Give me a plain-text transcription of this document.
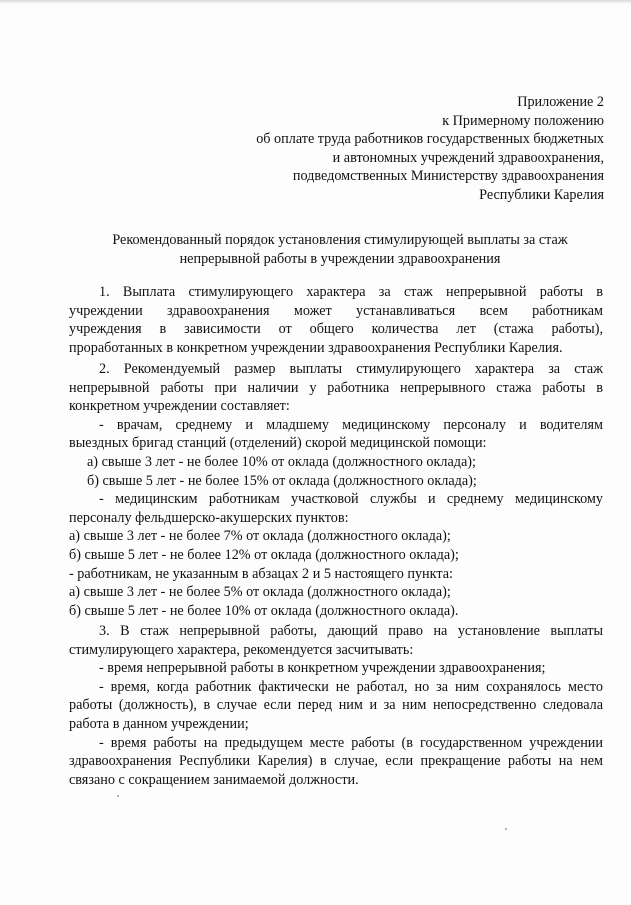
Приложение 2
к Примерному положению
об оплате труда работников государственных бюджетных
и автономных учреждений здравоохранения,
подведомственных Министерству здравоохранения
Республики Карелия
Рекомендованный порядок установления стимулирующей выплаты за стаж
непрерывной работы в учреждении здравоохранения
1. Выплата стимулирующего характера за стаж непрерывной работы в
учреждении здравоохранения может устанавливаться всем работникам
учреждения в зависимости от общего количества лет (стажа работы),
проработанных в конкретном учреждении здравоохранения Республики Карелия.
2. Рекомендуемый размер выплаты стимулирующего характера за стаж
непрерывной работы при наличии у работника непрерывного стажа работы в
конкретном учреждении составляет:
- врачам, среднему и младшему медицинскому персоналу и водителям
выездных бригад станций (отделений) скорой медицинской помощи:
а) свыше 3 лет - не более 10% от оклада (должностного оклада);
б) свыше 5 лет - не более 15% от оклада (должностного оклада);
- медицинским работникам участковой службы и среднему медицинскому
персоналу фельдшерско-акушерских пунктов:
а) свыше 3 лет - не более 7% от оклада (должностного оклада);
б) свыше 5 лет - не более 12% от оклада (должностного оклада);
- работникам, не указанным в абзацах 2 и 5 настоящего пункта:
а) свыше 3 лет - не более 5% от оклада (должностного оклада);
б) свыше 5 лет - не более 10% от оклада (должностного оклада).
3. В стаж непрерывной работы, дающий право на установление выплаты
стимулирующего характера, рекомендуется засчитывать:
- время непрерывной работы в конкретном учреждении здравоохранения;
- время, когда работник фактически не работал, но за ним сохранялось место
работы (должность), в случае если перед ним и за ним непосредственно следовала
работа в данном учреждении;
- время работы на предыдущем месте работы (в государственном учреждении
здравоохранения Республики Карелия) в случае, если прекращение работы на нем
связано с сокращением занимаемой должности.
